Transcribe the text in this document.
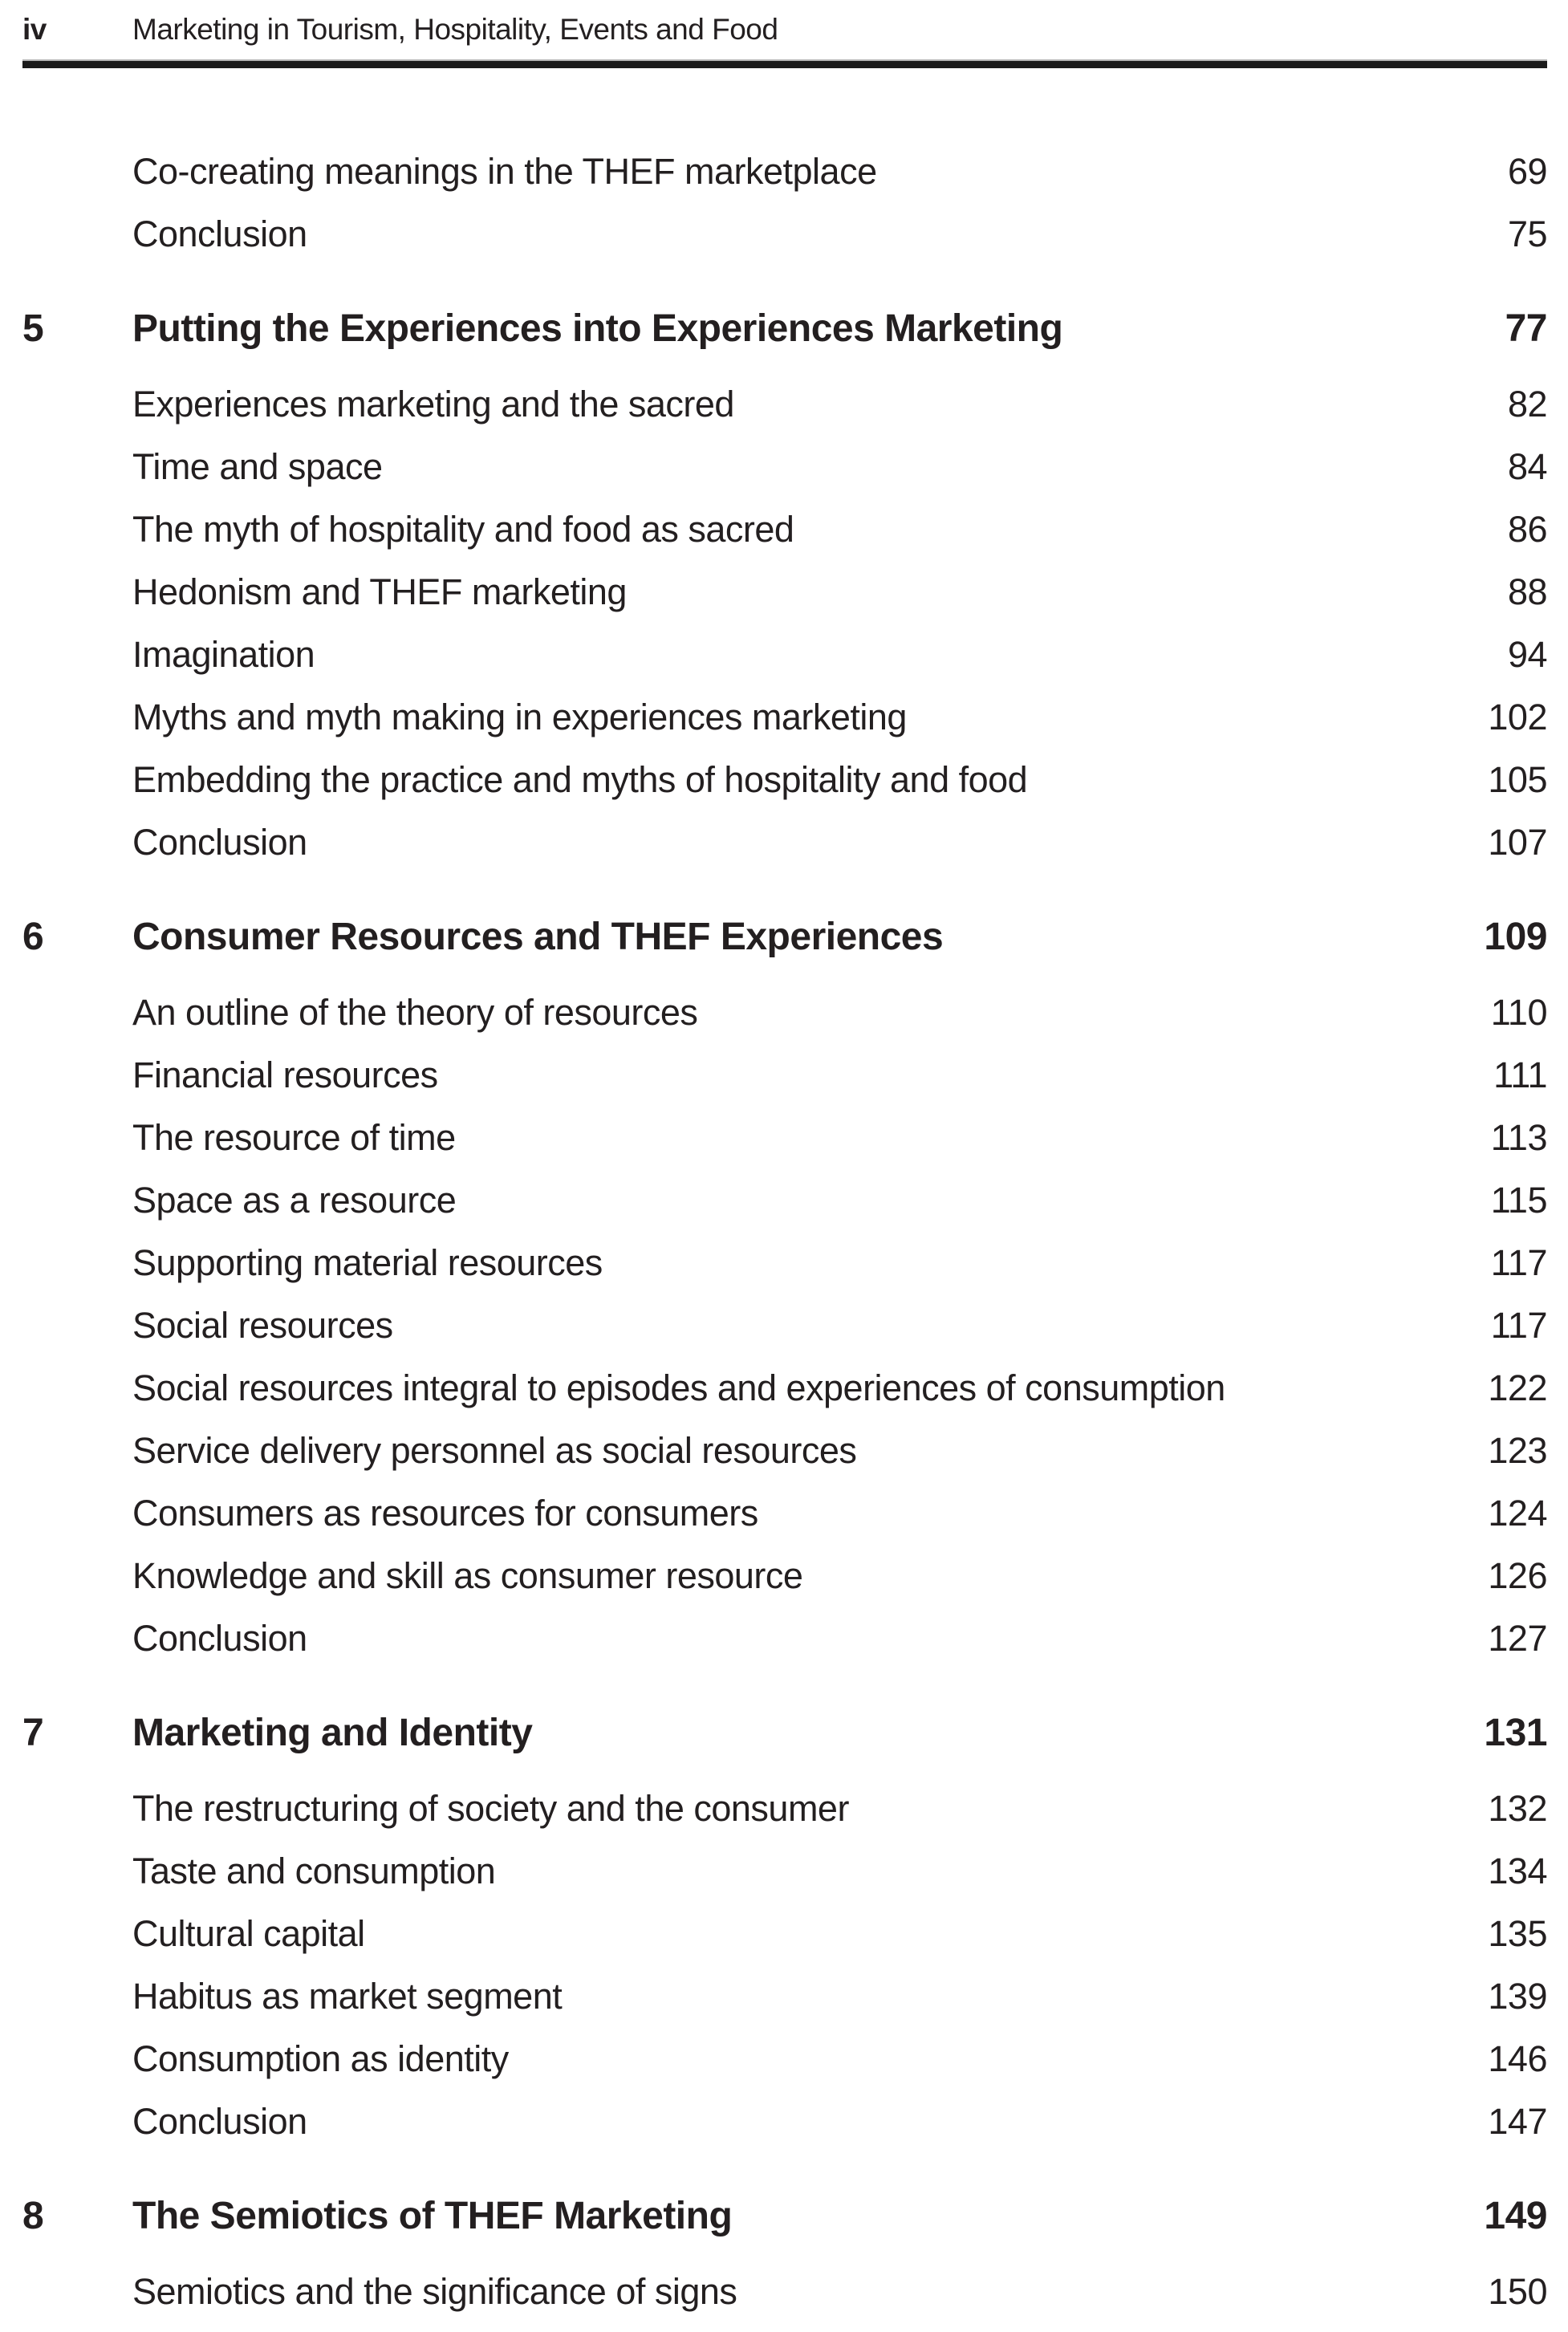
iv	Marketing in Tourism, Hospitality, Events and Food
Co-creating meanings in the THEF marketplace	69
Conclusion	75
5	Putting the Experiences into Experiences Marketing	77
Experiences marketing and the sacred	82
Time and space	84
The myth of hospitality and food as sacred	86
Hedonism and THEF marketing	88
Imagination	94
Myths and myth making in experiences marketing	102
Embedding the practice and myths of hospitality and food	105
Conclusion	107
6	Consumer Resources and THEF Experiences	109
An outline of the theory of resources	110
Financial resources	111
The resource of time	113
Space as a resource	115
Supporting material resources	117
Social resources	117
Social resources integral to episodes and experiences of consumption	122
Service delivery personnel as social resources	123
Consumers as resources for consumers	124
Knowledge and skill as consumer resource	126
Conclusion	127
7	Marketing and Identity	131
The restructuring of society and the consumer	132
Taste and consumption	134
Cultural capital	135
Habitus as market segment	139
Consumption as identity	146
Conclusion	147
8	The Semiotics of THEF Marketing	149
Semiotics and the significance of signs	150
